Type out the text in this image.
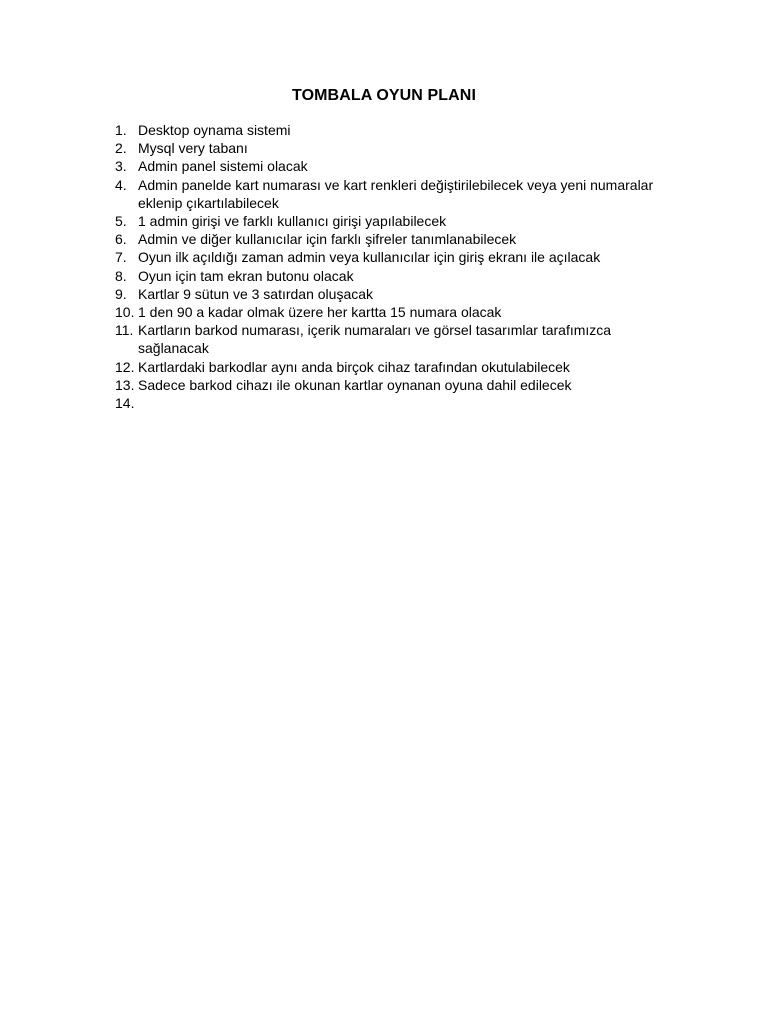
TOMBALA OYUN PLANI
1. Desktop oynama sistemi
2. Mysql very tabanı
3. Admin panel sistemi olacak
4. Admin panelde kart numarası ve kart renkleri değiştirilebilecek veya yeni numaralar eklenip çıkartılabilecek
5. 1 admin girişi ve farklı kullanıcı girişi yapılabilecek
6. Admin ve diğer kullanıcılar için farklı şifreler tanımlanabilecek
7. Oyun ilk açıldığı zaman admin veya kullanıcılar için giriş ekranı ile açılacak
8. Oyun için tam ekran butonu olacak
9. Kartlar 9 sütun ve 3 satırdan oluşacak
10. 1 den 90 a kadar olmak üzere her kartta 15 numara olacak
11. Kartların barkod numarası, içerik numaraları ve görsel tasarımlar tarafımızca sağlanacak
12. Kartlardaki barkodlar aynı anda birçok cihaz tarafından okutulabilecek
13. Sadece barkod cihazı ile okunan kartlar oynanan oyuna dahil edilecek
14.
